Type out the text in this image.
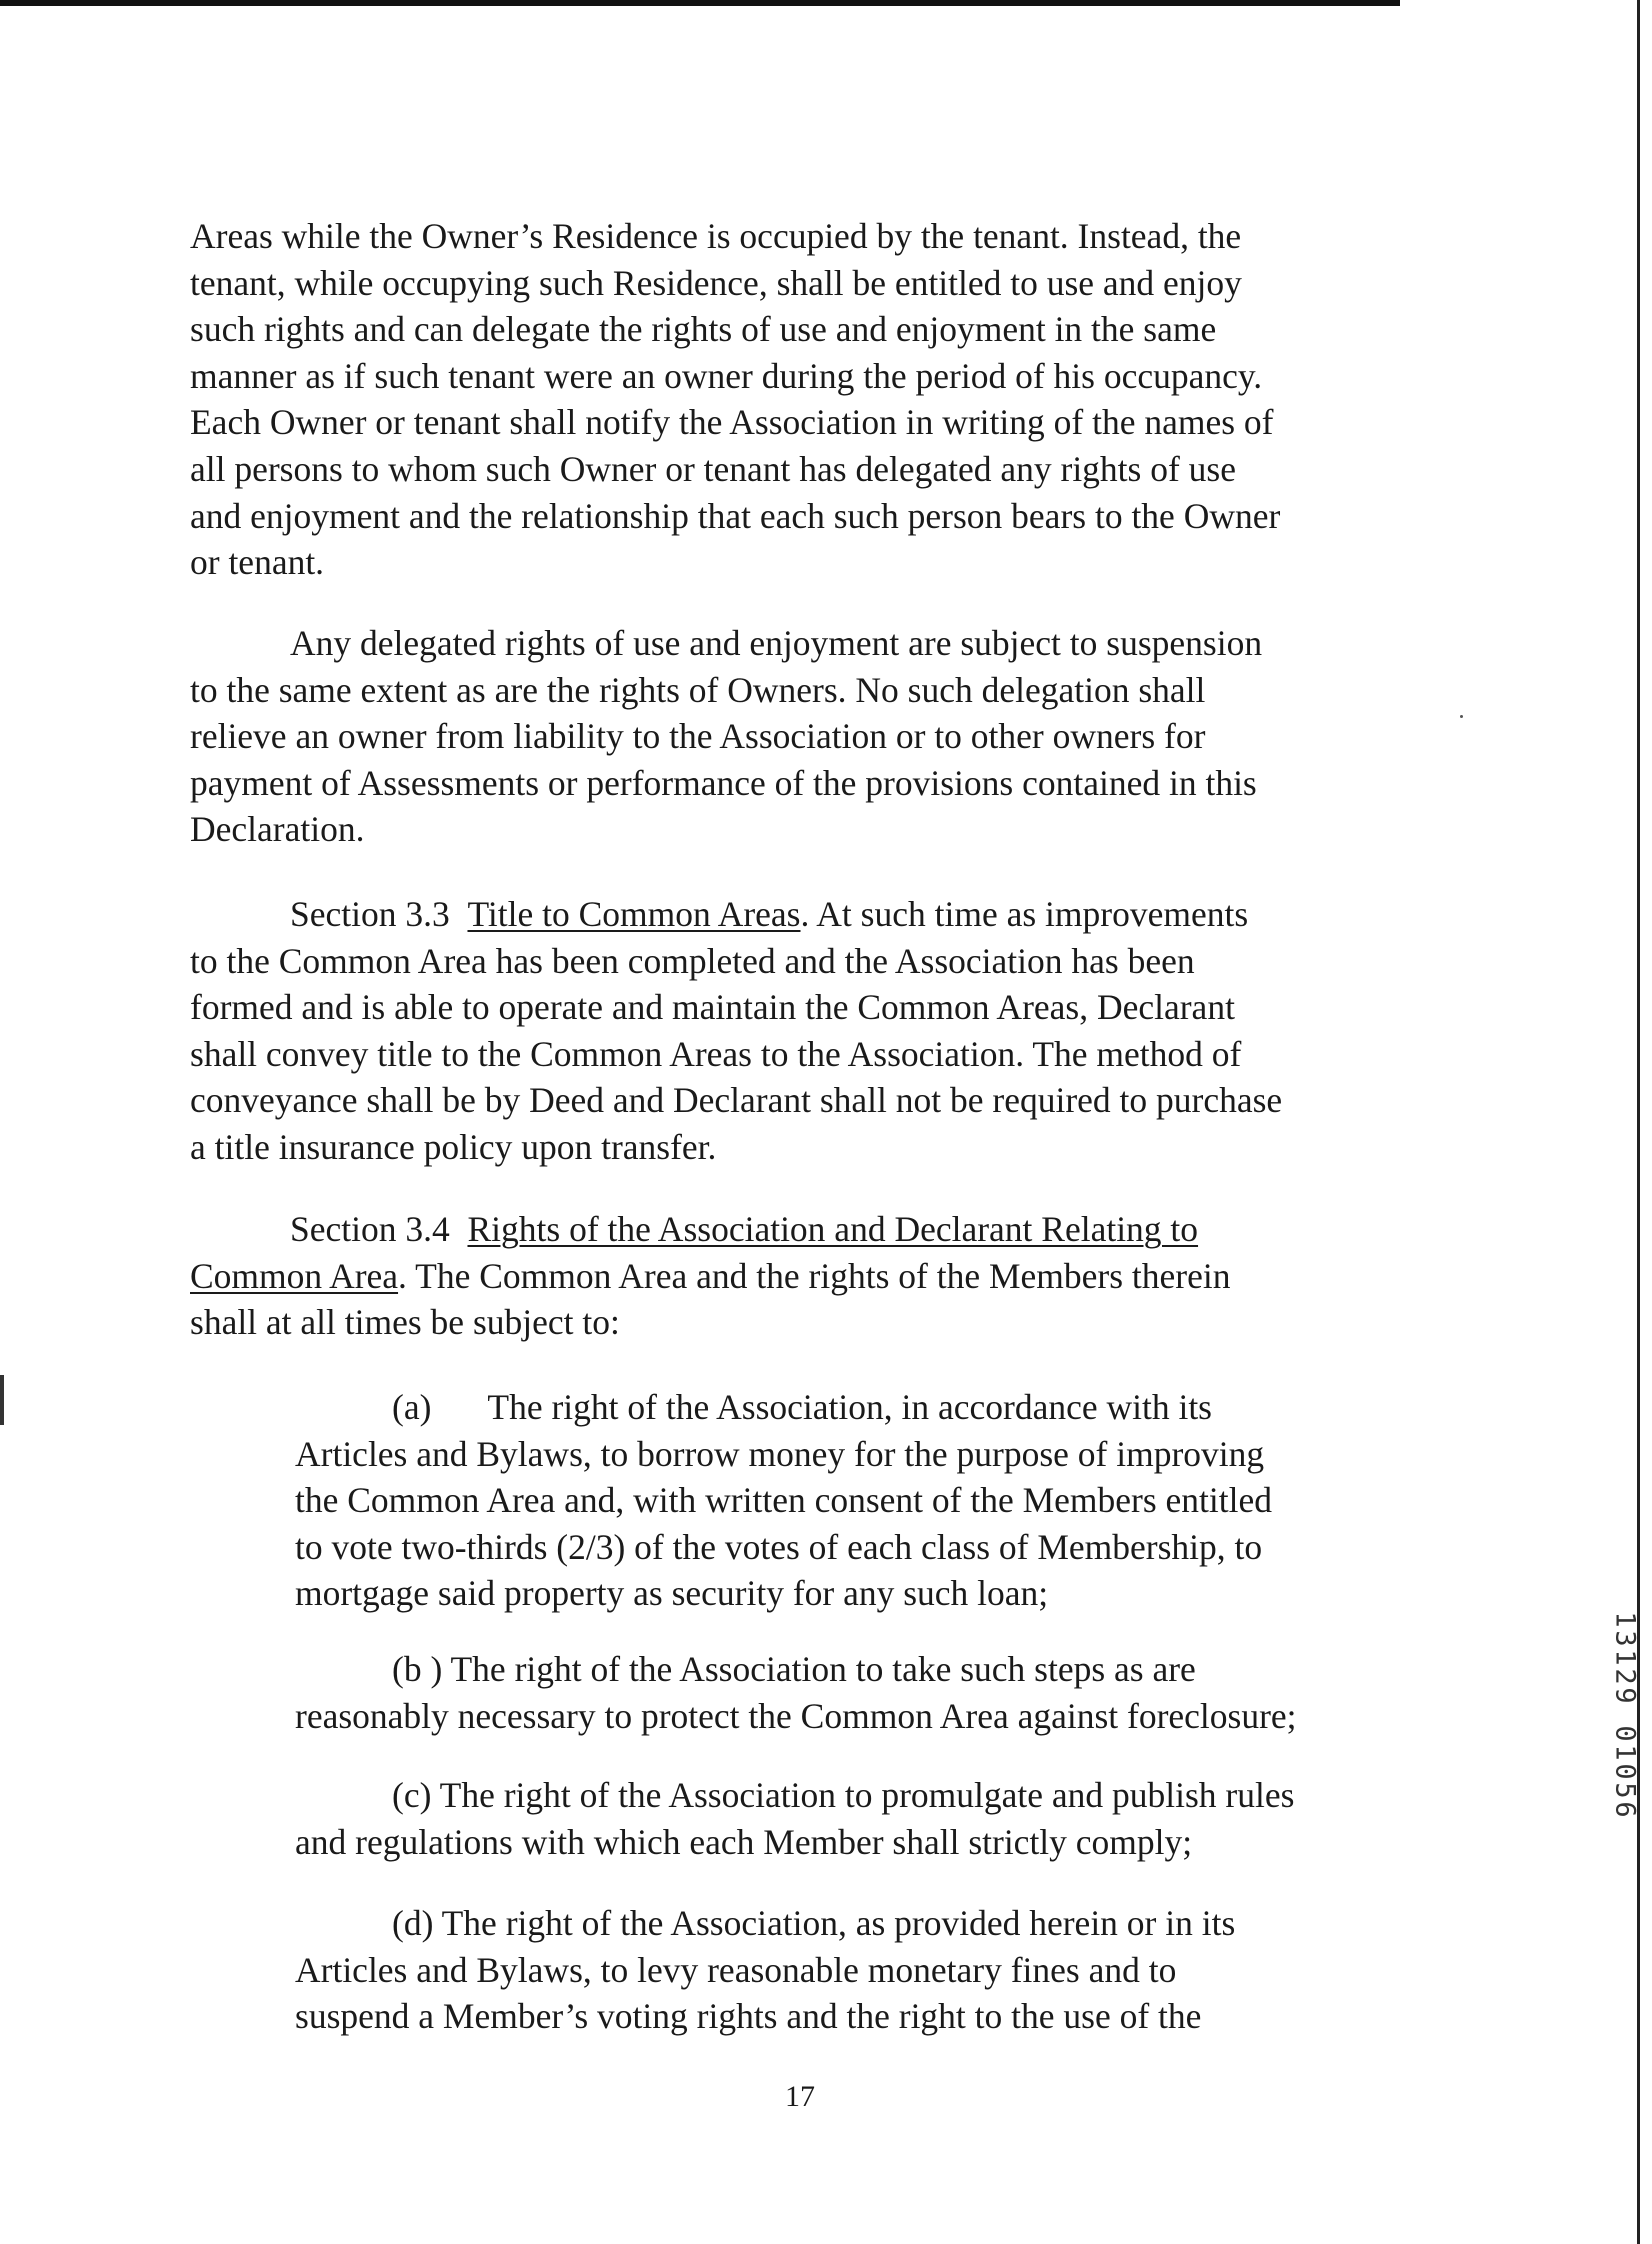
Areas while the Owner’s Residence is occupied by the tenant. Instead, the
tenant, while occupying such Residence, shall be entitled to use and enjoy
such rights and can delegate the rights of use and enjoyment in the same
manner as if such tenant were an owner during the period of his occupancy.
Each Owner or tenant shall notify the Association in writing of the names of
all persons to whom such Owner or tenant has delegated any rights of use
and enjoyment and the relationship that each such person bears to the Owner
or tenant.
Any delegated rights of use and enjoyment are subject to suspension
to the same extent as are the rights of Owners. No such delegation shall
relieve an owner from liability to the Association or to other owners for
payment of Assessments or performance of the provisions contained in this
Declaration.
Section 3.3 Title to Common Areas. At such time as improvements
to the Common Area has been completed and the Association has been
formed and is able to operate and maintain the Common Areas, Declarant
shall convey title to the Common Areas to the Association. The method of
conveyance shall be by Deed and Declarant shall not be required to purchase
a title insurance policy upon transfer.
Section 3.4 Rights of the Association and Declarant Relating to
Common Area. The Common Area and the rights of the Members therein
shall at all times be subject to:
(a) The right of the Association, in accordance with its
Articles and Bylaws, to borrow money for the purpose of improving
the Common Area and, with written consent of the Members entitled
to vote two-thirds (2/3) of the votes of each class of Membership, to
mortgage said property as security for any such loan;
(b ) The right of the Association to take such steps as are
reasonably necessary to protect the Common Area against foreclosure;
(c) The right of the Association to promulgate and publish rules
and regulations with which each Member shall strictly comply;
(d) The right of the Association, as provided herein or in its
Articles and Bylaws, to levy reasonable monetary fines and to
suspend a Member’s voting rights and the right to the use of the
17
1
3
1
2
9
0
1
0
5
6
